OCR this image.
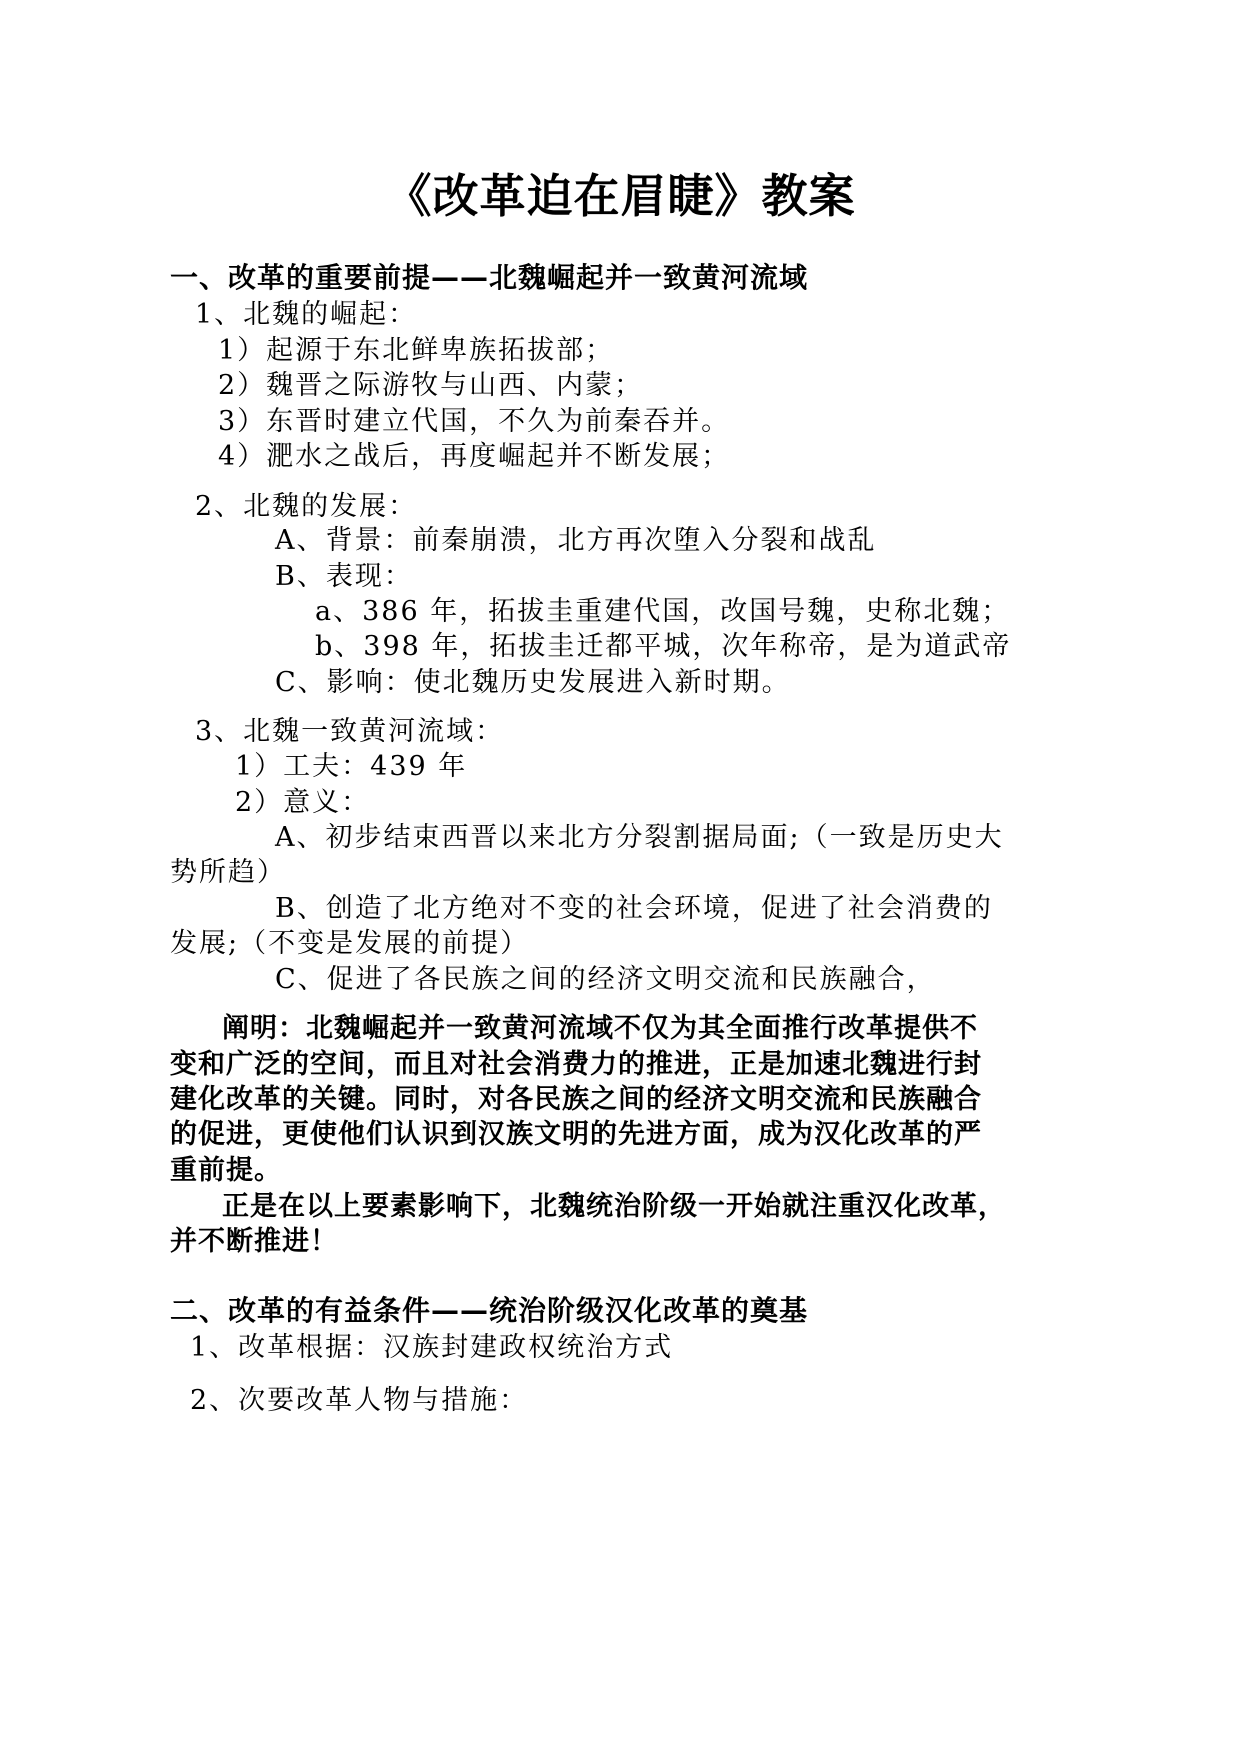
《改革迫在眉睫》教案
一、改革的重要前提——北魏崛起并一致黄河流域
1、北魏的崛起：
1）起源于东北鲜卑族拓拔部；
2）魏晋之际游牧与山西、内蒙；
3）东晋时建立代国，不久为前秦吞并。
4）淝水之战后，再度崛起并不断发展；
2、北魏的发展：
A、背景：前秦崩溃，北方再次堕入分裂和战乱
B、表现：
a、386 年，拓拔圭重建代国，改国号魏，史称北魏；
b、398 年，拓拔圭迁都平城，次年称帝，是为道武帝
C、影响：使北魏历史发展进入新时期。
3、北魏一致黄河流域：
1）工夫：439 年
2）意义：
A、初步结束西晋以来北方分裂割据局面;（一致是历史大
势所趋）
B、创造了北方绝对不变的社会环境，促进了社会消费的
发展;（不变是发展的前提）
C、促进了各民族之间的经济文明交流和民族融合，
阐明：北魏崛起并一致黄河流域不仅为其全面推行改革提供不
变和广泛的空间，而且对社会消费力的推进，正是加速北魏进行封
建化改革的关键。同时，对各民族之间的经济文明交流和民族融合
的促进，更使他们认识到汉族文明的先进方面，成为汉化改革的严
重前提。
正是在以上要素影响下，北魏统治阶级一开始就注重汉化改革，
并不断推进！
二、改革的有益条件——统治阶级汉化改革的奠基
1、改革根据：汉族封建政权统治方式
2、次要改革人物与措施：
